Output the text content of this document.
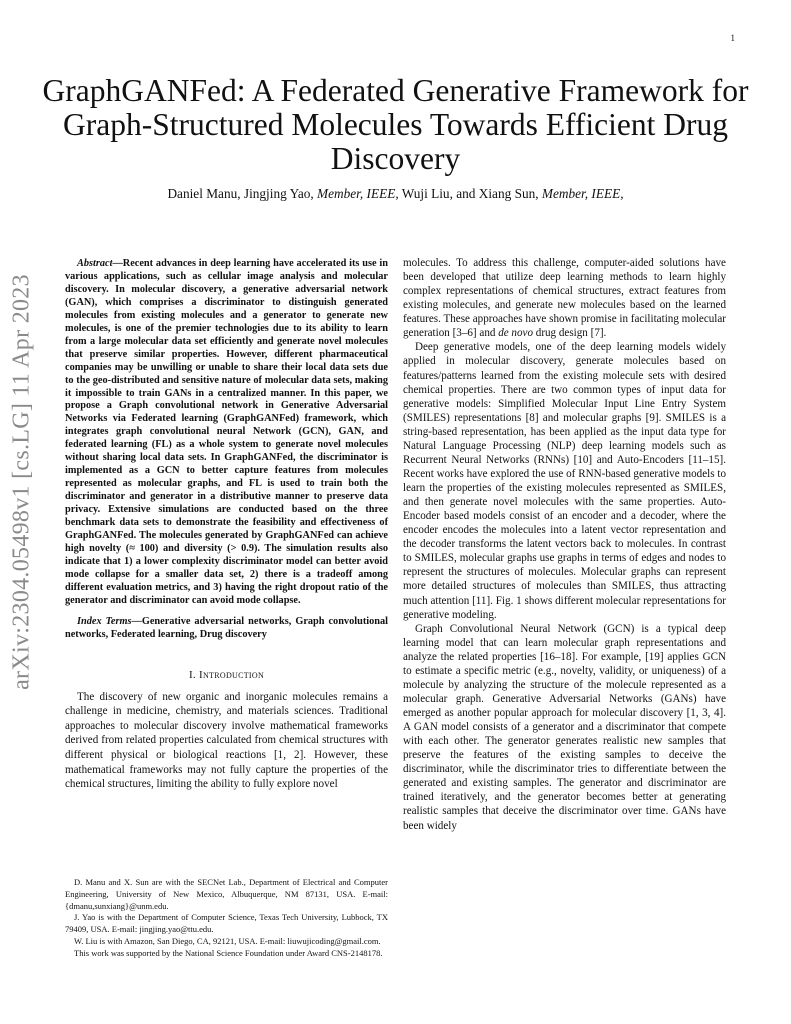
1
arXiv:2304.05498v1 [cs.LG] 11 Apr 2023
GraphGANFed: A Federated Generative Framework for Graph-Structured Molecules Towards Efficient Drug Discovery
Daniel Manu, Jingjing Yao, Member, IEEE, Wuji Liu, and Xiang Sun, Member, IEEE,

Abstract—Recent advances in deep learning have accelerated its use in various applications, such as cellular image analysis and molecular discovery. In molecular discovery, a generative adversarial network (GAN), which comprises a discriminator to distinguish generated molecules from existing molecules and a generator to generate new molecules, is one of the premier technologies due to its ability to learn from a large molecular data set efficiently and generate novel molecules that preserve similar properties. However, different pharmaceutical companies may be unwilling or unable to share their local data sets due to the geo-distributed and sensitive nature of molecular data sets, making it impossible to train GANs in a centralized manner. In this paper, we propose a Graph convolutional network in Generative Adversarial Networks via Federated learning (GraphGANFed) framework, which integrates graph convolutional neural Network (GCN), GAN, and federated learning (FL) as a whole system to generate novel molecules without sharing local data sets. In GraphGANFed, the discriminator is implemented as a GCN to better capture features from molecules represented as molecular graphs, and FL is used to train both the discriminator and generator in a distributive manner to preserve data privacy. Extensive simulations are conducted based on the three benchmark data sets to demonstrate the feasibility and effectiveness of GraphGANFed. The molecules generated by GraphGANFed can achieve high novelty (≈ 100) and diversity (> 0.9). The simulation results also indicate that 1) a lower complexity discriminator model can better avoid mode collapse for a smaller data set, 2) there is a tradeoff among different evaluation metrics, and 3) having the right dropout ratio of the generator and discriminator can avoid mode collapse.

Index Terms—Generative adversarial networks, Graph convolutional networks, Federated learning, Drug discovery

I. Introduction

The discovery of new organic and inorganic molecules remains a challenge in medicine, chemistry, and materials sciences. Traditional approaches to molecular discovery involve mathematical frameworks derived from related properties calculated from chemical structures with different physical or biological reactions [1, 2]. However, these mathematical frameworks may not fully capture the properties of the chemical structures, limiting the ability to fully explore novel

D. Manu and X. Sun are with the SECNet Lab., Department of Electrical and Computer Engineering, University of New Mexico, Albuquerque, NM 87131, USA. E-mail: {dmanu,sunxiang}@unm.edu.

J. Yao is with the Department of Computer Science, Texas Tech University, Lubbock, TX 79409, USA. E-mail: jingjing.yao@ttu.edu.

W. Liu is with Amazon, San Diego, CA, 92121, USA. E-mail: liuwujicoding@gmail.com.

This work was supported by the National Science Foundation under Award CNS-2148178.

molecules. To address this challenge, computer-aided solutions have been developed that utilize deep learning methods to learn highly complex representations of chemical structures, extract features from existing molecules, and generate new molecules based on the learned features. These approaches have shown promise in facilitating molecular generation [3–6] and de novo drug design [7].

Deep generative models, one of the deep learning models widely applied in molecular discovery, generate molecules based on features/patterns learned from the existing molecule sets with desired chemical properties. There are two common types of input data for generative models: Simplified Molecular Input Line Entry System (SMILES) representations [8] and molecular graphs [9]. SMILES is a string-based representation, has been applied as the input data type for Natural Language Processing (NLP) deep learning models such as Recurrent Neural Networks (RNNs) [10] and Auto-Encoders [11–15]. Recent works have explored the use of RNN-based generative models to learn the properties of the existing molecules represented as SMILES, and then generate novel molecules with the same properties. Auto-Encoder based models consist of an encoder and a decoder, where the encoder encodes the molecules into a latent vector representation and the decoder transforms the latent vectors back to molecules. In contrast to SMILES, molecular graphs use graphs in terms of edges and nodes to represent the structures of molecules. Molecular graphs can represent more detailed structures of molecules than SMILES, thus attracting much attention [11]. Fig. 1 shows different molecular representations for generative modeling.

Graph Convolutional Neural Network (GCN) is a typical deep learning model that can learn molecular graph representations and analyze the related properties [16–18]. For example, [19] applies GCN to estimate a specific metric (e.g., novelty, validity, or uniqueness) of a molecule by analyzing the structure of the molecule represented as a molecular graph. Generative Adversarial Networks (GANs) have emerged as another popular approach for molecular discovery [1, 3, 4]. A GAN model consists of a generator and a discriminator that compete with each other. The generator generates realistic new samples that preserve the features of the existing samples to deceive the discriminator, while the discriminator tries to differentiate between the generated and existing samples. The generator and discriminator are trained iteratively, and the generator becomes better at generating realistic samples that deceive the discriminator over time. GANs have been widely
